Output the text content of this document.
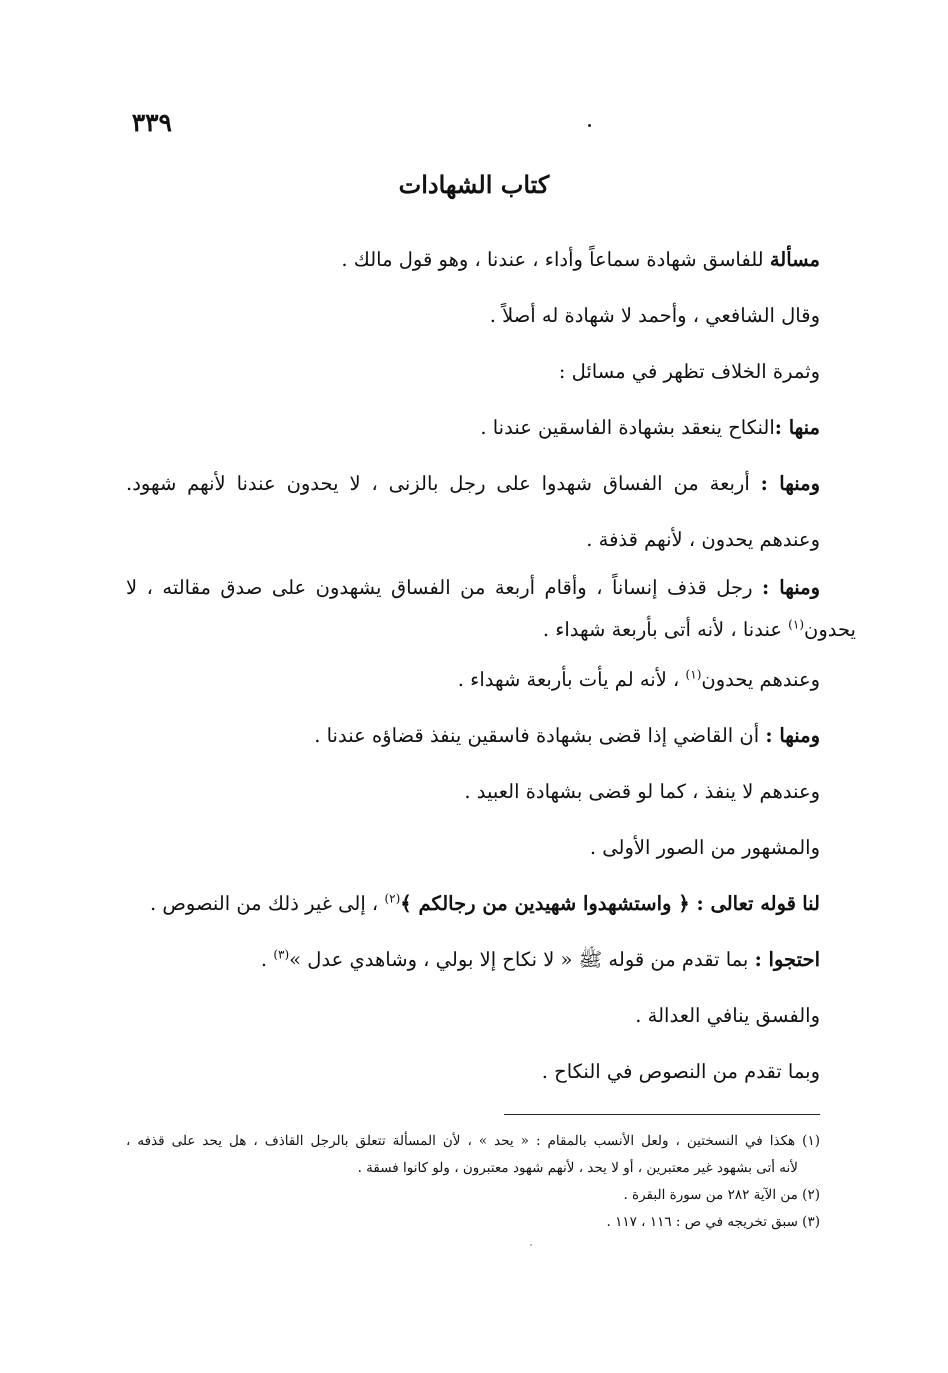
٣٣٩
كتاب الشهادات

مسألة للفاسق شهادة سماعاً وأداء ، عندنا ، وهو قول مالك .

وقال الشافعي ، وأحمد لا شهادة له أصلاً .

وثمرة الخلاف تظهر في مسائل :

منها :النكاح ينعقد بشهادة الفاسقين عندنا .

ومنها : أربعة من الفساق شهدوا على رجل بالزنى ، لا يحدون عندنا لأنهم شهود.

وعندهم يحدون ، لأنهم قذفة .

ومنها : رجل قذف إنساناً ، وأقام أربعة من الفساق يشهدون على صدق مقالته ، لا

يحدون$^{(١)}$ عندنا ، لأنه أتى بأربعة شهداء .

وعندهم يحدون$^{(١)}$ ، لأنه لم يأت بأربعة شهداء .

ومنها : أن القاضي إذا قضى بشهادة فاسقين ينفذ قضاؤه عندنا .

وعندهم لا ينفذ ، كما لو قضى بشهادة العبيد .

والمشهور من الصور الأولى .

لنا قوله تعالى : ﴿ واستشهدوا شهيدين من رجالكم ﴾$^{(٢)}$ ، إلى غير ذلك من النصوص .

احتجوا : بما تقدم من قوله ﷺ « لا نكاح إلا بولي ، وشاهدي عدل »$^{(٣)}$ .

والفسق ينافي العدالة .

وبما تقدم من النصوص في النكاح .

(١) هكذا في النسختين ، ولعل الأنسب بالمقام : « يحد » ، لأن المسألة تتعلق بالرجل القاذف ، هل يحد على قذفه ،

لأنه أتى بشهود غير معتبرين ، أو لا يحد ، لأنهم شهود معتبرون ، ولو كانوا فسقة .

(٢) من الآية ٢٨٢ من سورة البقرة .

(٣) سبق تخريجه في ص : ١١٦ ، ١١٧ .
